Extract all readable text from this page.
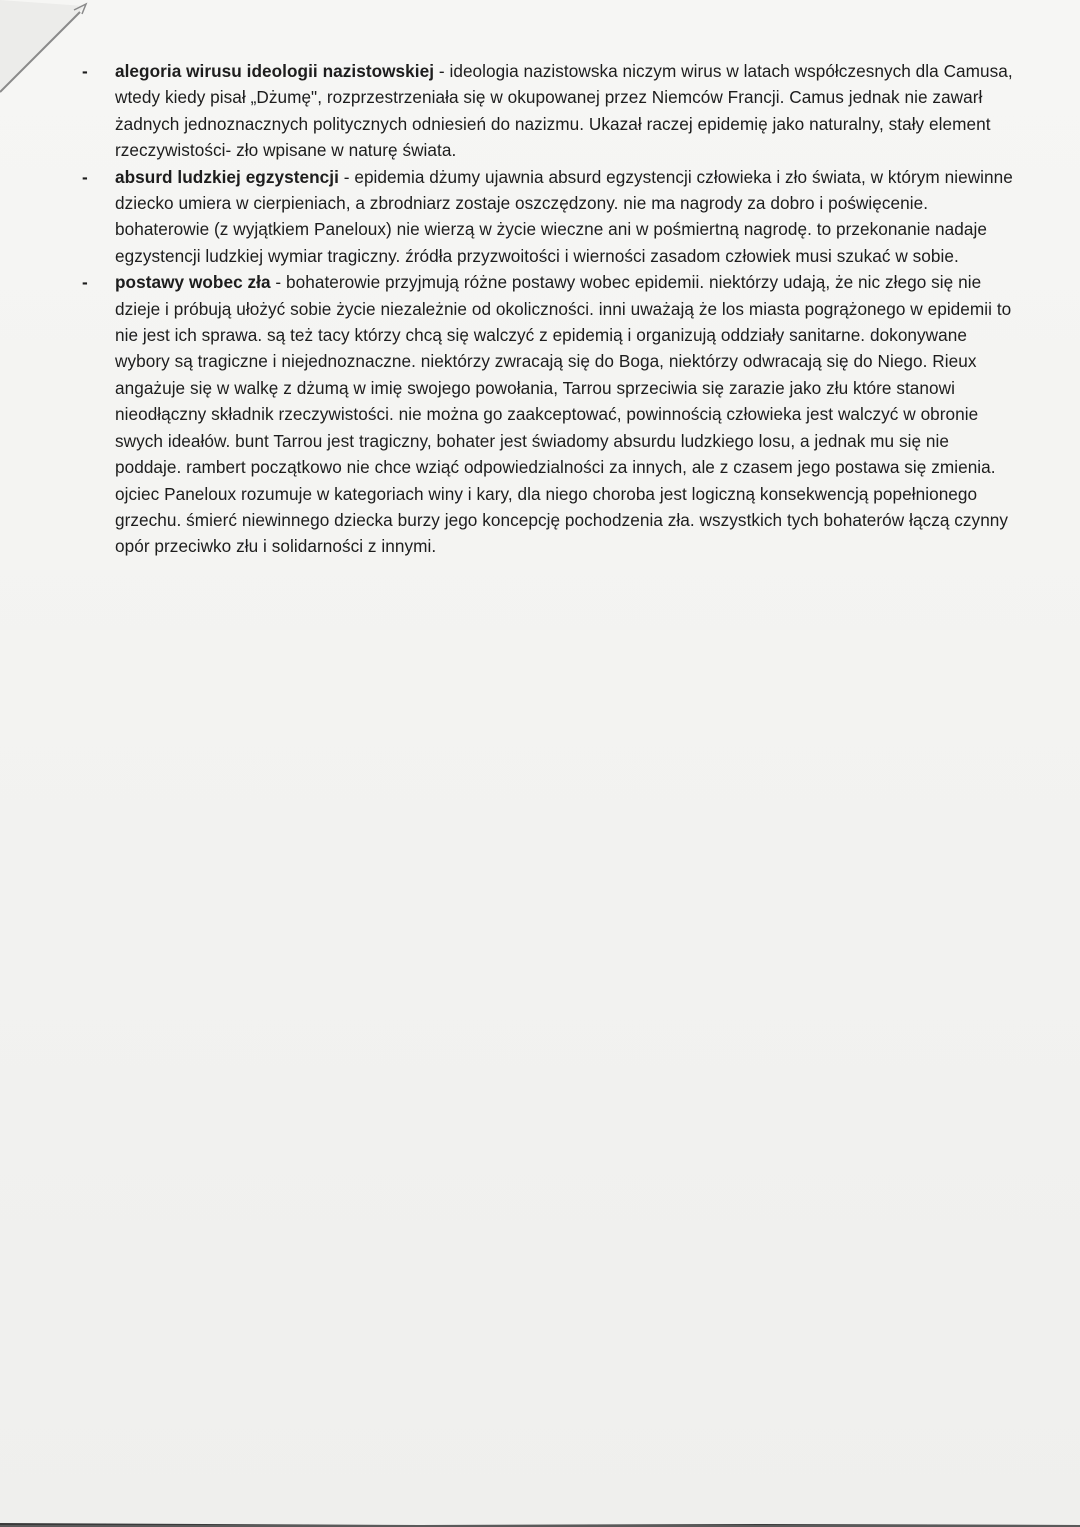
- alegoria wirusu ideologii nazistowskiej - ideologia nazistowska niczym wirus w latach współczesnych dla Camusa, wtedy kiedy pisał „Dżumę", rozprzestrzeniała się w okupowanej przez Niemców Francji. Camus jednak nie zawarł żadnych jednoznacznych politycznych odniesień do nazizmu. Ukazał raczej epidemię jako naturalny, stały element rzeczywistości- zło wpisane w naturę świata.
- absurd ludzkiej egzystencji - epidemia dżumy ujawnia absurd egzystencji człowieka i zło świata, w którym niewinne dziecko umiera w cierpieniach, a zbrodniarz zostaje oszczędzony. nie ma nagrody za dobro i poświęcenie. bohaterowie (z wyjątkiem Paneloux) nie wierzą w życie wieczne ani w pośmiertną nagrodę. to przekonanie nadaje egzystencji ludzkiej wymiar tragiczny. źródła przyzwoitości i wierności zasadom człowiek musi szukać w sobie.
- postawy wobec zła - bohaterowie przyjmują różne postawy wobec epidemii. niektórzy udają, że nic złego się nie dzieje i próbują ułożyć sobie życie niezależnie od okoliczności. inni uważają że los miasta pogrążonego w epidemii to nie jest ich sprawa. są też tacy którzy chcą się walczyć z epidemią i organizują oddziały sanitarne. dokonywane wybory są tragiczne i niejednoznaczne. niektórzy zwracają się do Boga, niektórzy odwracają się do Niego. Rieux angażuje się w walkę z dżumą w imię swojego powołania, Tarrou sprzeciwia się zarazie jako złu które stanowi nieodłączny składnik rzeczywistości. nie można go zaakceptować, powinnością człowieka jest walczyć w obronie swych ideałów. bunt Tarrou jest tragiczny, bohater jest świadomy absurdu ludzkiego losu, a jednak mu się nie poddaje. rambert początkowo nie chce wziąć odpowiedzialności za innych, ale z czasem jego postawa się zmienia. ojciec Paneloux rozumuje w kategoriach winy i kary, dla niego choroba jest logiczną konsekwencją popełnionego grzechu. śmierć niewinnego dziecka burzy jego koncepcję pochodzenia zła. wszystkich tych bohaterów łączą czynny opór przeciwko złu i solidarności z innymi.
